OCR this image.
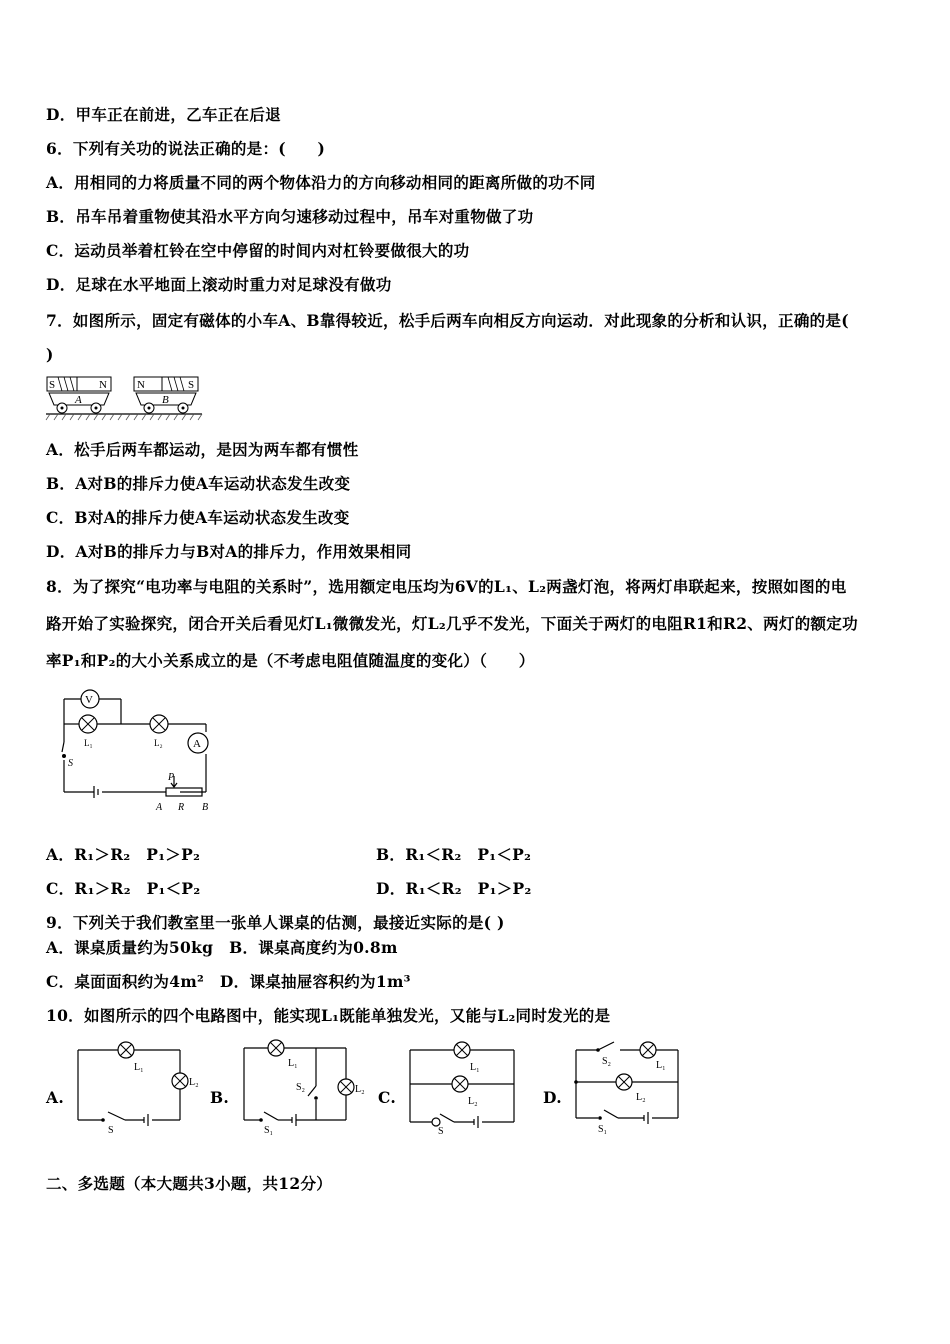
D．甲车正在前进，乙车正在后退
6．下列有关功的说法正确的是：(　　)
A．用相同的力将质量不同的两个物体沿力的方向移动相同的距离所做的功不同
B．吊车吊着重物使其沿水平方向匀速移动过程中，吊车对重物做了功
C．运动员举着杠铃在空中停留的时间内对杠铃要做很大的功
D．足球在水平地面上滚动时重力对足球没有做功
7．如图所示，固定有磁体的小车A、B靠得较近，松手后两车向相反方向运动．对此现象的分析和认识，正确的是(
)
S	N
A
N	S
B
A．松手后两车都运动，是因为两车都有惯性
B．A对B的排斥力使A车运动状态发生改变
C．B对A的排斥力使A车运动状态发生改变
D．A对B的排斥力与B对A的排斥力，作用效果相同
8．为了探究“电功率与电阻的关系时”，选用额定电压均为6V的L₁、L₂两盏灯泡，将两灯串联起来，按照如图的电
路开始了实验探究，闭合开关后看见灯L₁微微发光，灯L₂几乎不发光，下面关于两灯的电阻R1和R2、两灯的额定功
率P₁和P₂的大小关系成立的是（不考虑电阻值随温度的变化）（　　）
V
L₁	L₂	A
S
P
A R B
A．R₁＞R₂　P₁＞P₂	B．R₁＜R₂　P₁＜P₂
C．R₁＞R₂　P₁＜P₂	D．R₁＜R₂　P₁＞P₂
9．下列关于我们教室里一张单人课桌的估测，最接近实际的是( )
A．课桌质量约为50kg　B．课桌高度约为0.8m
C．桌面面积约为4m²　D．课桌抽屉容积约为1m³
10．如图所示的四个电路图中，能实现L₁既能单独发光，又能与L₂同时发光的是
A.
L₁
L₂
S
B.
L₁
S₂	L₂
S₁
C.
L₁
L₂
S
D.
S₂	L₁
L₂
S₁
二、多选题（本大题共3小题，共12分）
